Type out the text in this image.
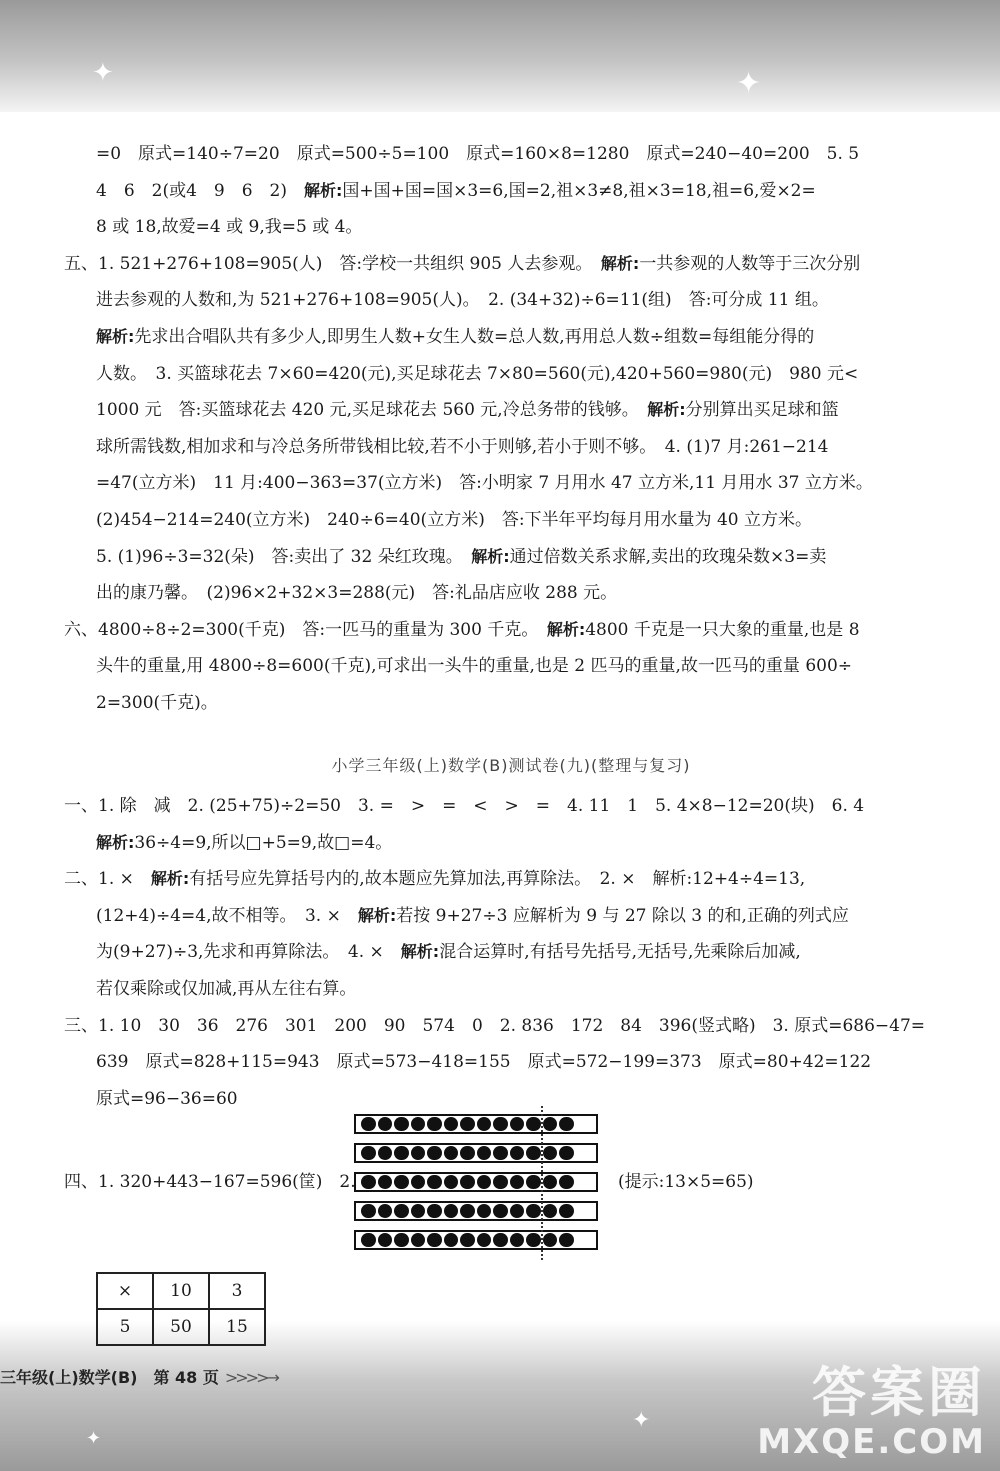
✦	✦
✦
✦
=0　原式=140÷7=20　原式=500÷5=100　原式=160×8=1280　原式=240−40=200　5. 5
4　6　2(或4　9　6　2)　解析:国+国+国=国×3=6,国=2,祖×3≠8,祖×3=18,祖=6,爱×2=
8 或 18,故爱=4 或 9,我=5 或 4。
五、1. 521+276+108=905(人)　答:学校一共组织 905 人去参观。　解析:一共参观的人数等于三次分别
进去参观的人数和,为 521+276+108=905(人)。　2. (34+32)÷6=11(组)　答:可分成 11 组。
解析:先求出合唱队共有多少人,即男生人数+女生人数=总人数,再用总人数÷组数=每组能分得的
人数。　3. 买篮球花去 7×60=420(元),买足球花去 7×80=560(元),420+560=980(元)　980 元<
1000 元　答:买篮球花去 420 元,买足球花去 560 元,冷总务带的钱够。　解析:分别算出买足球和篮
球所需钱数,相加求和与冷总务所带钱相比较,若不小于则够,若小于则不够。　4. (1)7 月:261−214
=47(立方米)　11 月:400−363=37(立方米)　答:小明家 7 月用水 47 立方米,11 月用水 37 立方米。
(2)454−214=240(立方米)　240÷6=40(立方米)　答:下半年平均每月用水量为 40 立方米。
5. (1)96÷3=32(朵)　答:卖出了 32 朵红玫瑰。　解析:通过倍数关系求解,卖出的玫瑰朵数×3=卖
出的康乃馨。　(2)96×2+32×3=288(元)　答:礼品店应收 288 元。
六、4800÷8÷2=300(千克)　答:一匹马的重量为 300 千克。　解析:4800 千克是一只大象的重量,也是 8
头牛的重量,用 4800÷8=600(千克),可求出一头牛的重量,也是 2 匹马的重量,故一匹马的重量 600÷
2=300(千克)。
小学三年级(上)数学(B)测试卷(九)(整理与复习)
一、1. 除　减　2. (25+75)÷2=50　3. =　>　=　<　>　=　4. 11　1　5. 4×8−12=20(块)　6. 4
解析:36÷4=9,所以□+5=9,故□=4。
二、1. ×　解析:有括号应先算括号内的,故本题应先算加法,再算除法。　2. ×　解析:12+4÷4=13,
(12+4)÷4=4,故不相等。　3. ×　解析:若按 9+27÷3 应解析为 9 与 27 除以 3 的和,正确的列式应
为(9+27)÷3,先求和再算除法。　4. ×　解析:混合运算时,有括号先括号,无括号,先乘除后加减,
若仅乘除或仅加减,再从左往右算。
三、1. 10　30　36　276　301　200　90　574　0　2. 836　172　84　396(竖式略)　3. 原式=686−47=
639　原式=828+115=943　原式=573−418=155　原式=572−199=373　原式=80+42=122
原式=96−36=60
四、1. 320+443−167=596(筐)　2.	(提示:13×5=65)
×	10	3
5	50	15
三年级(上)数学(B)　第 48 页 >>>>→	答案圈
MXQE.COM
